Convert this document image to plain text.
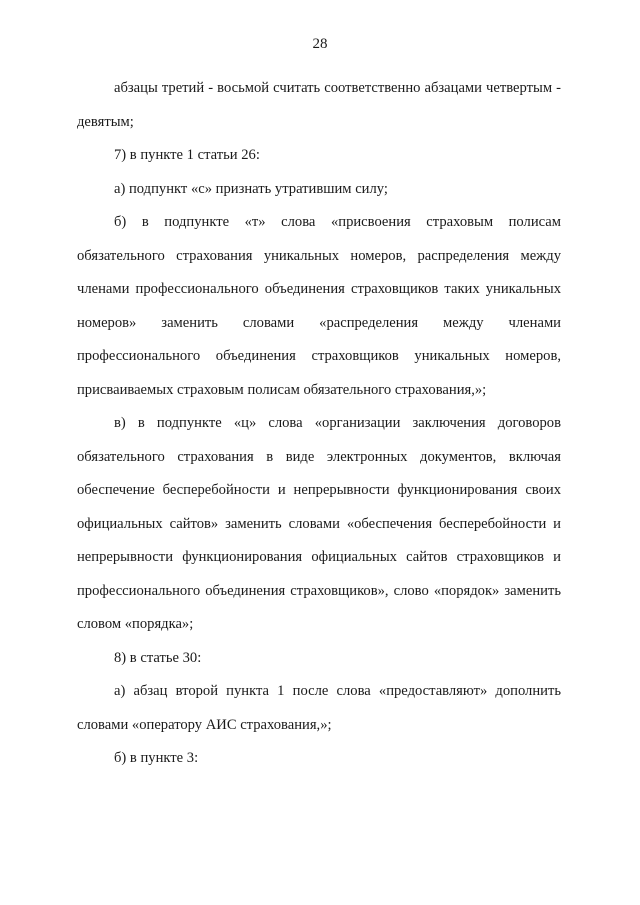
28

абзацы третий - восьмой считать соответственно абзацами четвертым - девятым;

7) в пункте 1 статьи 26:

а) подпункт «с» признать утратившим силу;

б) в подпункте «т» слова «присвоения страховым полисам обязательного страхования уникальных номеров, распределения между членами профессионального объединения страховщиков таких уникальных номеров» заменить словами «распределения между членами профессионального объединения страховщиков уникальных номеров, присваиваемых страховым полисам обязательного страхования,»;

в) в подпункте «ц» слова «организации заключения договоров обязательного страхования в виде электронных документов, включая обеспечение бесперебойности и непрерывности функционирования своих официальных сайтов» заменить словами «обеспечения бесперебойности и непрерывности функционирования официальных сайтов страховщиков и профессионального объединения страховщиков», слово «порядок» заменить словом «порядка»;

8) в статье 30:

а) абзац второй пункта 1 после слова «предоставляют» дополнить словами «оператору АИС страхования,»;

б) в пункте 3:
